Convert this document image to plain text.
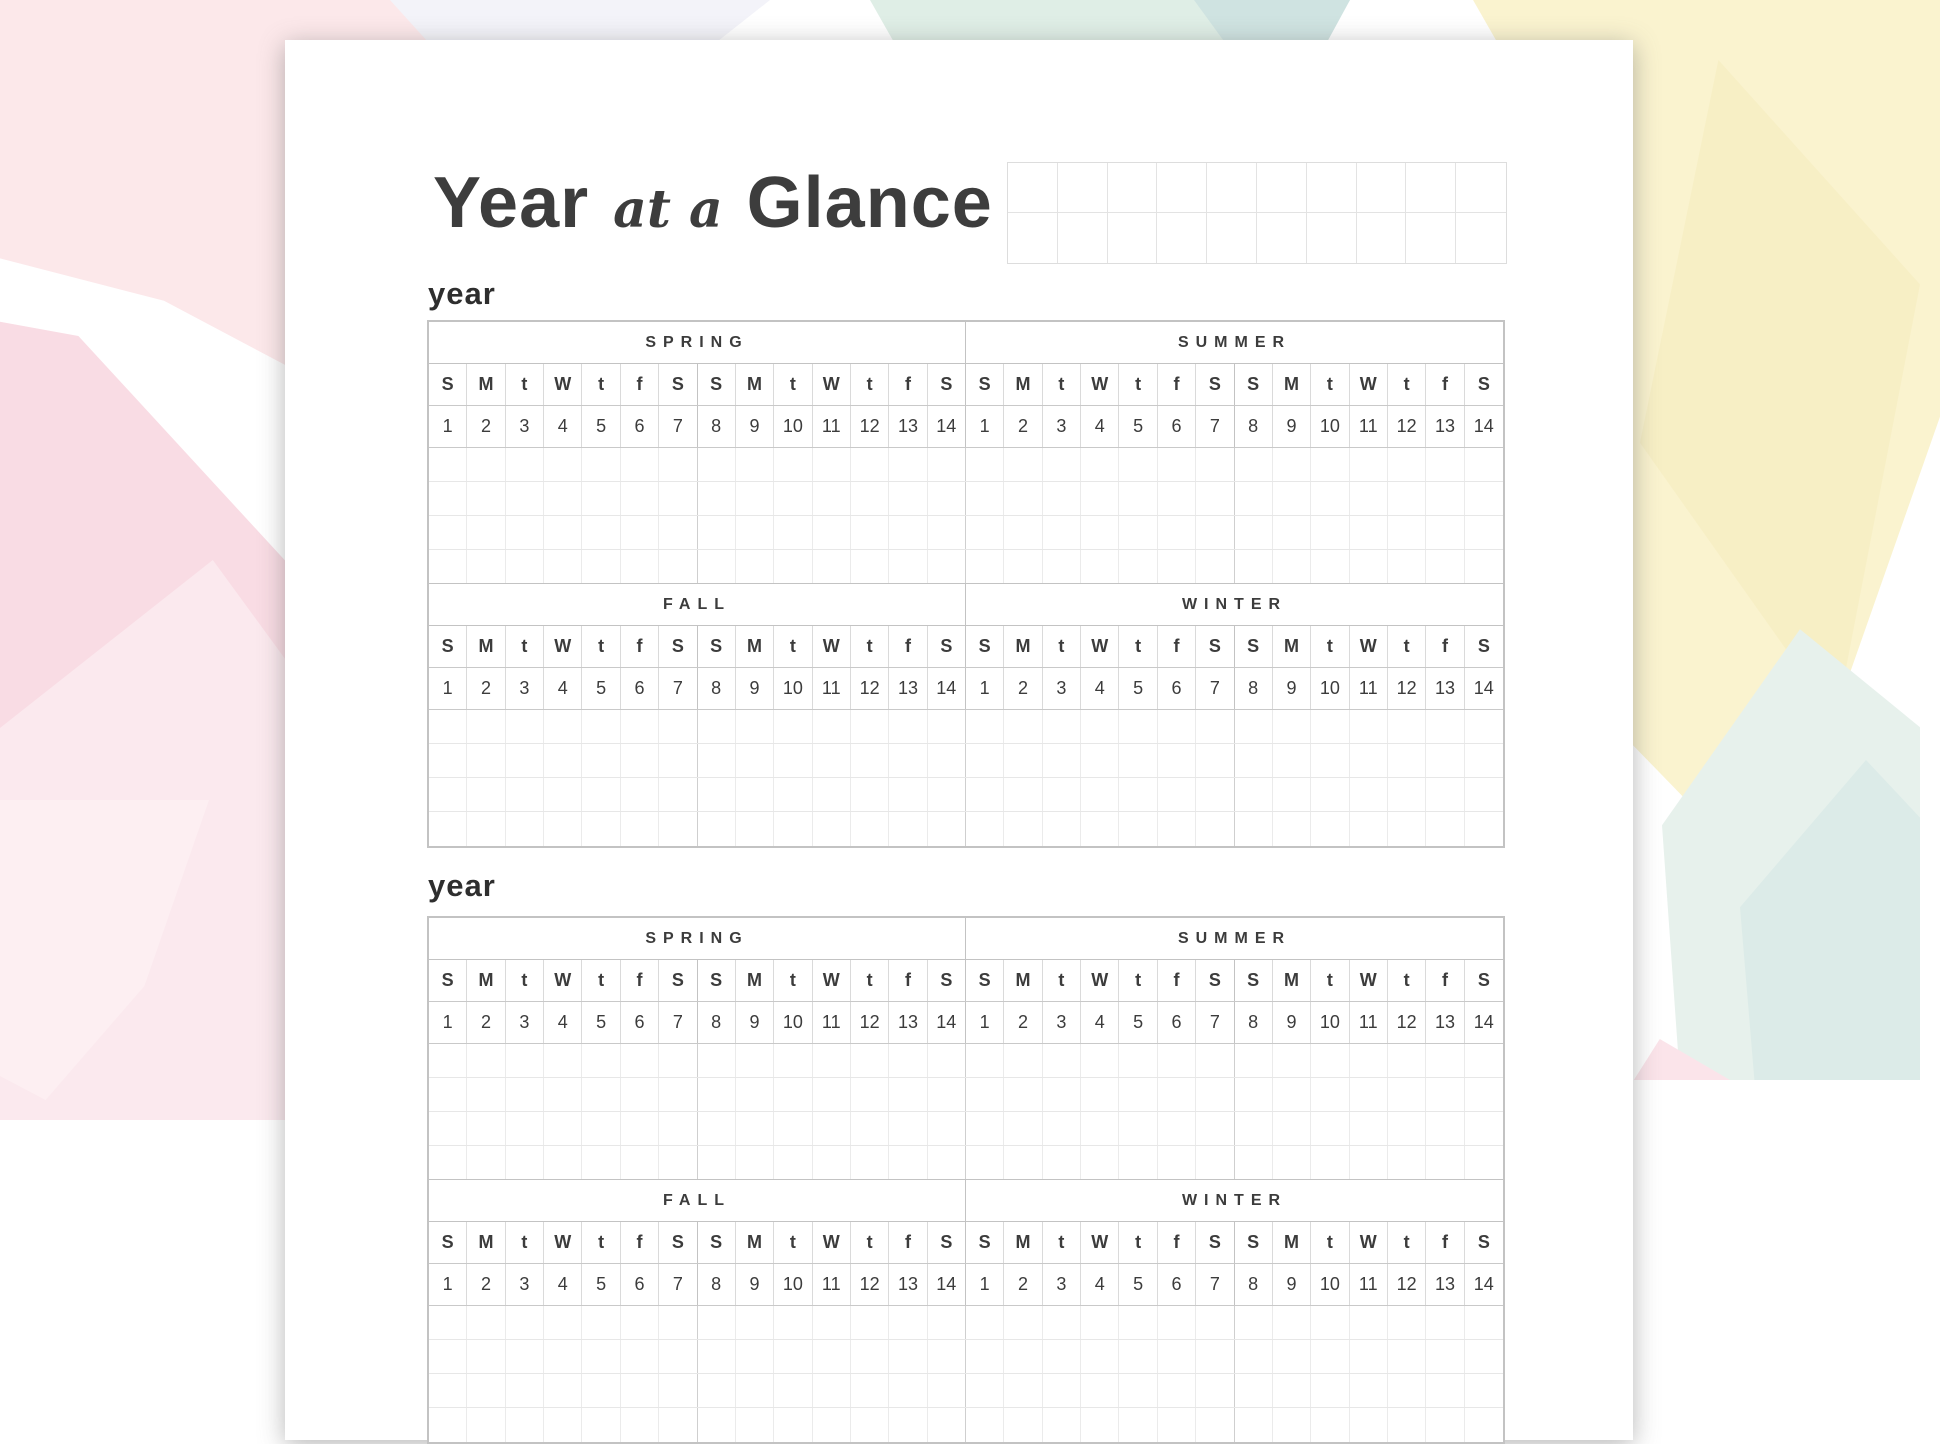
Year at a Glance
year
SPRING	SUMMER
S	M	t	W	t	f	S	S	M	t	W	t	f	S	S	M	t	W	t	f	S	S	M	t	W	t	f	S
1	2	3	4	5	6	7	8	9	10	11	12	13	14	1	2	3	4	5	6	7	8	9	10	11	12	13	14
FALL	WINTER
S	M	t	W	t	f	S	S	M	t	W	t	f	S	S	M	t	W	t	f	S	S	M	t	W	t	f	S
1	2	3	4	5	6	7	8	9	10	11	12	13	14	1	2	3	4	5	6	7	8	9	10	11	12	13	14
year
SPRING	SUMMER
S	M	t	W	t	f	S	S	M	t	W	t	f	S	S	M	t	W	t	f	S	S	M	t	W	t	f	S
1	2	3	4	5	6	7	8	9	10	11	12	13	14	1	2	3	4	5	6	7	8	9	10	11	12	13	14
FALL	WINTER
S	M	t	W	t	f	S	S	M	t	W	t	f	S	S	M	t	W	t	f	S	S	M	t	W	t	f	S
1	2	3	4	5	6	7	8	9	10	11	12	13	14	1	2	3	4	5	6	7	8	9	10	11	12	13	14
